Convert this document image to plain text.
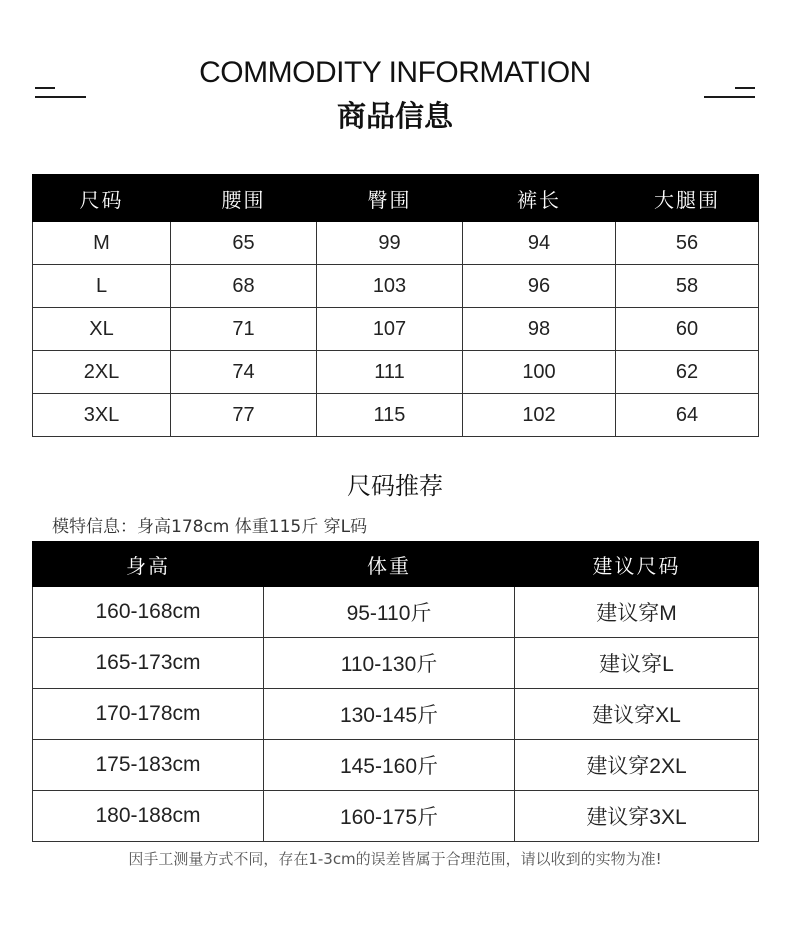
COMMODITY INFORMATION
商品信息
尺码	腰围	臀围	裤长	大腿围
M	65	99	94	56
L	68	103	96	58
XL	71	107	98	60
2XL	74	111	100	62
3XL	77	115	102	64
尺码推荐
模特信息：身高178cm 体重115斤 穿L码
身高	体重	建议尺码
160-168cm	95-110斤	建议穿M
165-173cm	110-130斤	建议穿L
170-178cm	130-145斤	建议穿XL
175-183cm	145-160斤	建议穿2XL
180-188cm	160-175斤	建议穿3XL
因手工测量方式不同，存在1-3cm的误差皆属于合理范围，请以收到的实物为准!
